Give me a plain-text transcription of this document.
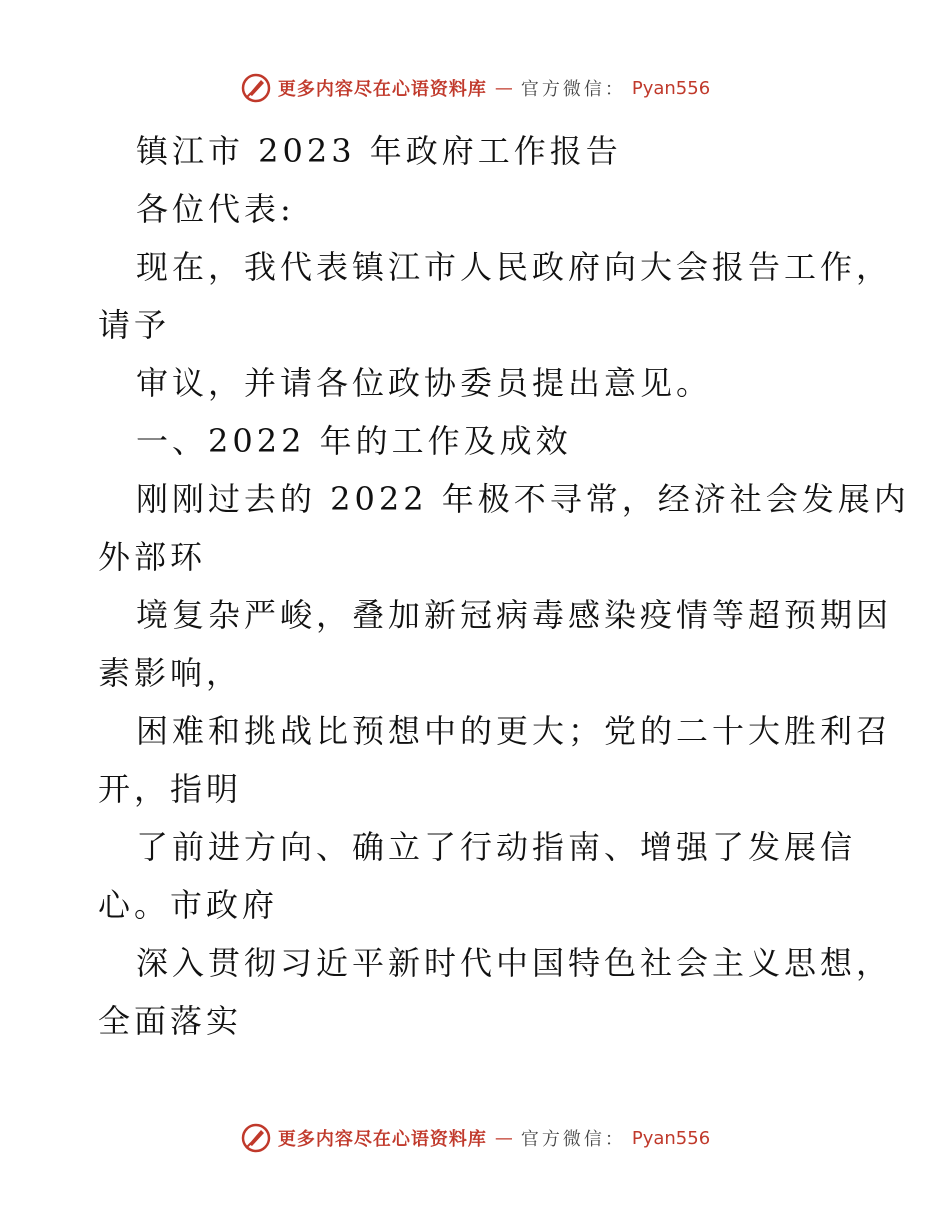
更多内容尽在心语资料库 — 官方微信： Pyan556
镇江市 2023 年政府工作报告
各位代表:
现在，我代表镇江市人民政府向大会报告工作，
请予
审议，并请各位政协委员提出意见。
一、2022 年的工作及成效
刚刚过去的 2022 年极不寻常，经济社会发展内
外部环
境复杂严峻，叠加新冠病毒感染疫情等超预期因
素影响，
困难和挑战比预想中的更大；党的二十大胜利召
开，指明
了前进方向、确立了行动指南、增强了发展信
心。市政府
深入贯彻习近平新时代中国特色社会主义思想，
全面落实
更多内容尽在心语资料库 — 官方微信： Pyan556
